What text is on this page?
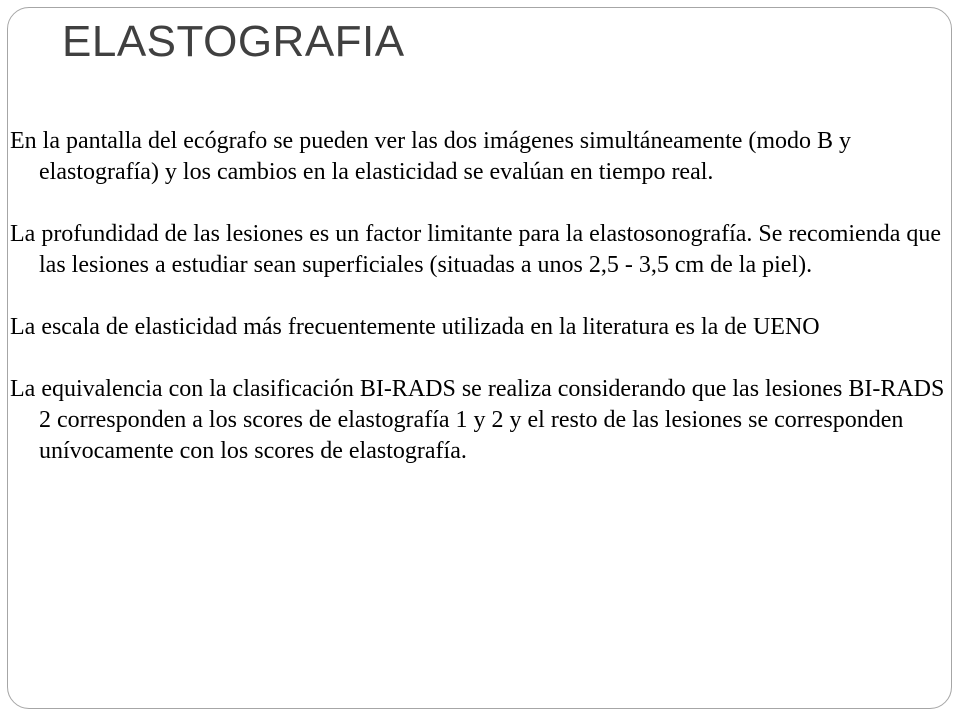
ELASTOGRAFIA

En la pantalla del ecógrafo se pueden ver las dos imágenes simultáneamente (modo B y elastografía) y los cambios en la elasticidad se evalúan en tiempo real.

La profundidad de las lesiones es un factor limitante para la elastosonografía. Se recomienda que las lesiones a estudiar sean superficiales (situadas a unos 2,5 - 3,5 cm de la piel).

La escala de elasticidad más frecuentemente utilizada en la literatura es la de UENO

La equivalencia con la clasificación BI-RADS se realiza considerando que las lesiones BI-RADS 2 corresponden a los scores de elastografía 1 y 2 y el resto de las lesiones se corresponden unívocamente con los scores de elastografía.
